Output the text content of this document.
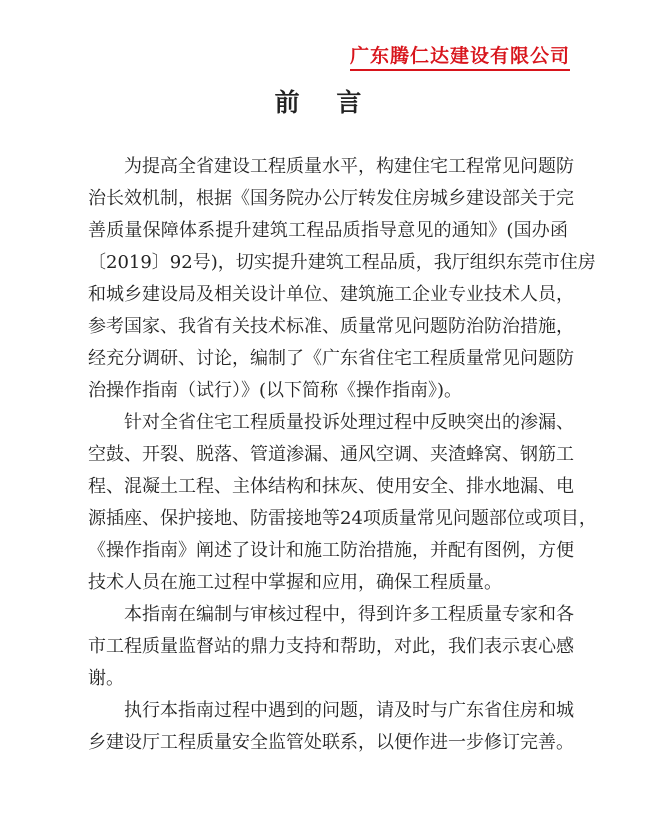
广东腾仁达建设有限公司
前 言
为提高全省建设工程质量水平，构建住宅工程常见问题防
治长效机制，根据《国务院办公厅转发住房城乡建设部关于完
善质量保障体系提升建筑工程品质指导意见的通知》(国办函
〔2019〕92号)，切实提升建筑工程品质，我厅组织东莞市住房
和城乡建设局及相关设计单位、建筑施工企业专业技术人员，
参考国家、我省有关技术标准、质量常见问题防治防治措施，
经充分调研、讨论，编制了《广东省住宅工程质量常见问题防
治操作指南（试行）》(以下简称《操作指南》)。
针对全省住宅工程质量投诉处理过程中反映突出的渗漏、
空鼓、开裂、脱落、管道渗漏、通风空调、夹渣蜂窝、钢筋工
程、混凝土工程、主体结构和抹灰、使用安全、排水地漏、电
源插座、保护接地、防雷接地等24项质量常见问题部位或项目，
《操作指南》阐述了设计和施工防治措施，并配有图例，方便
技术人员在施工过程中掌握和应用，确保工程质量。
本指南在编制与审核过程中，得到许多工程质量专家和各
市工程质量监督站的鼎力支持和帮助，对此，我们表示衷心感
谢。
执行本指南过程中遇到的问题，请及时与广东省住房和城
乡建设厅工程质量安全监管处联系，以便作进一步修订完善。
